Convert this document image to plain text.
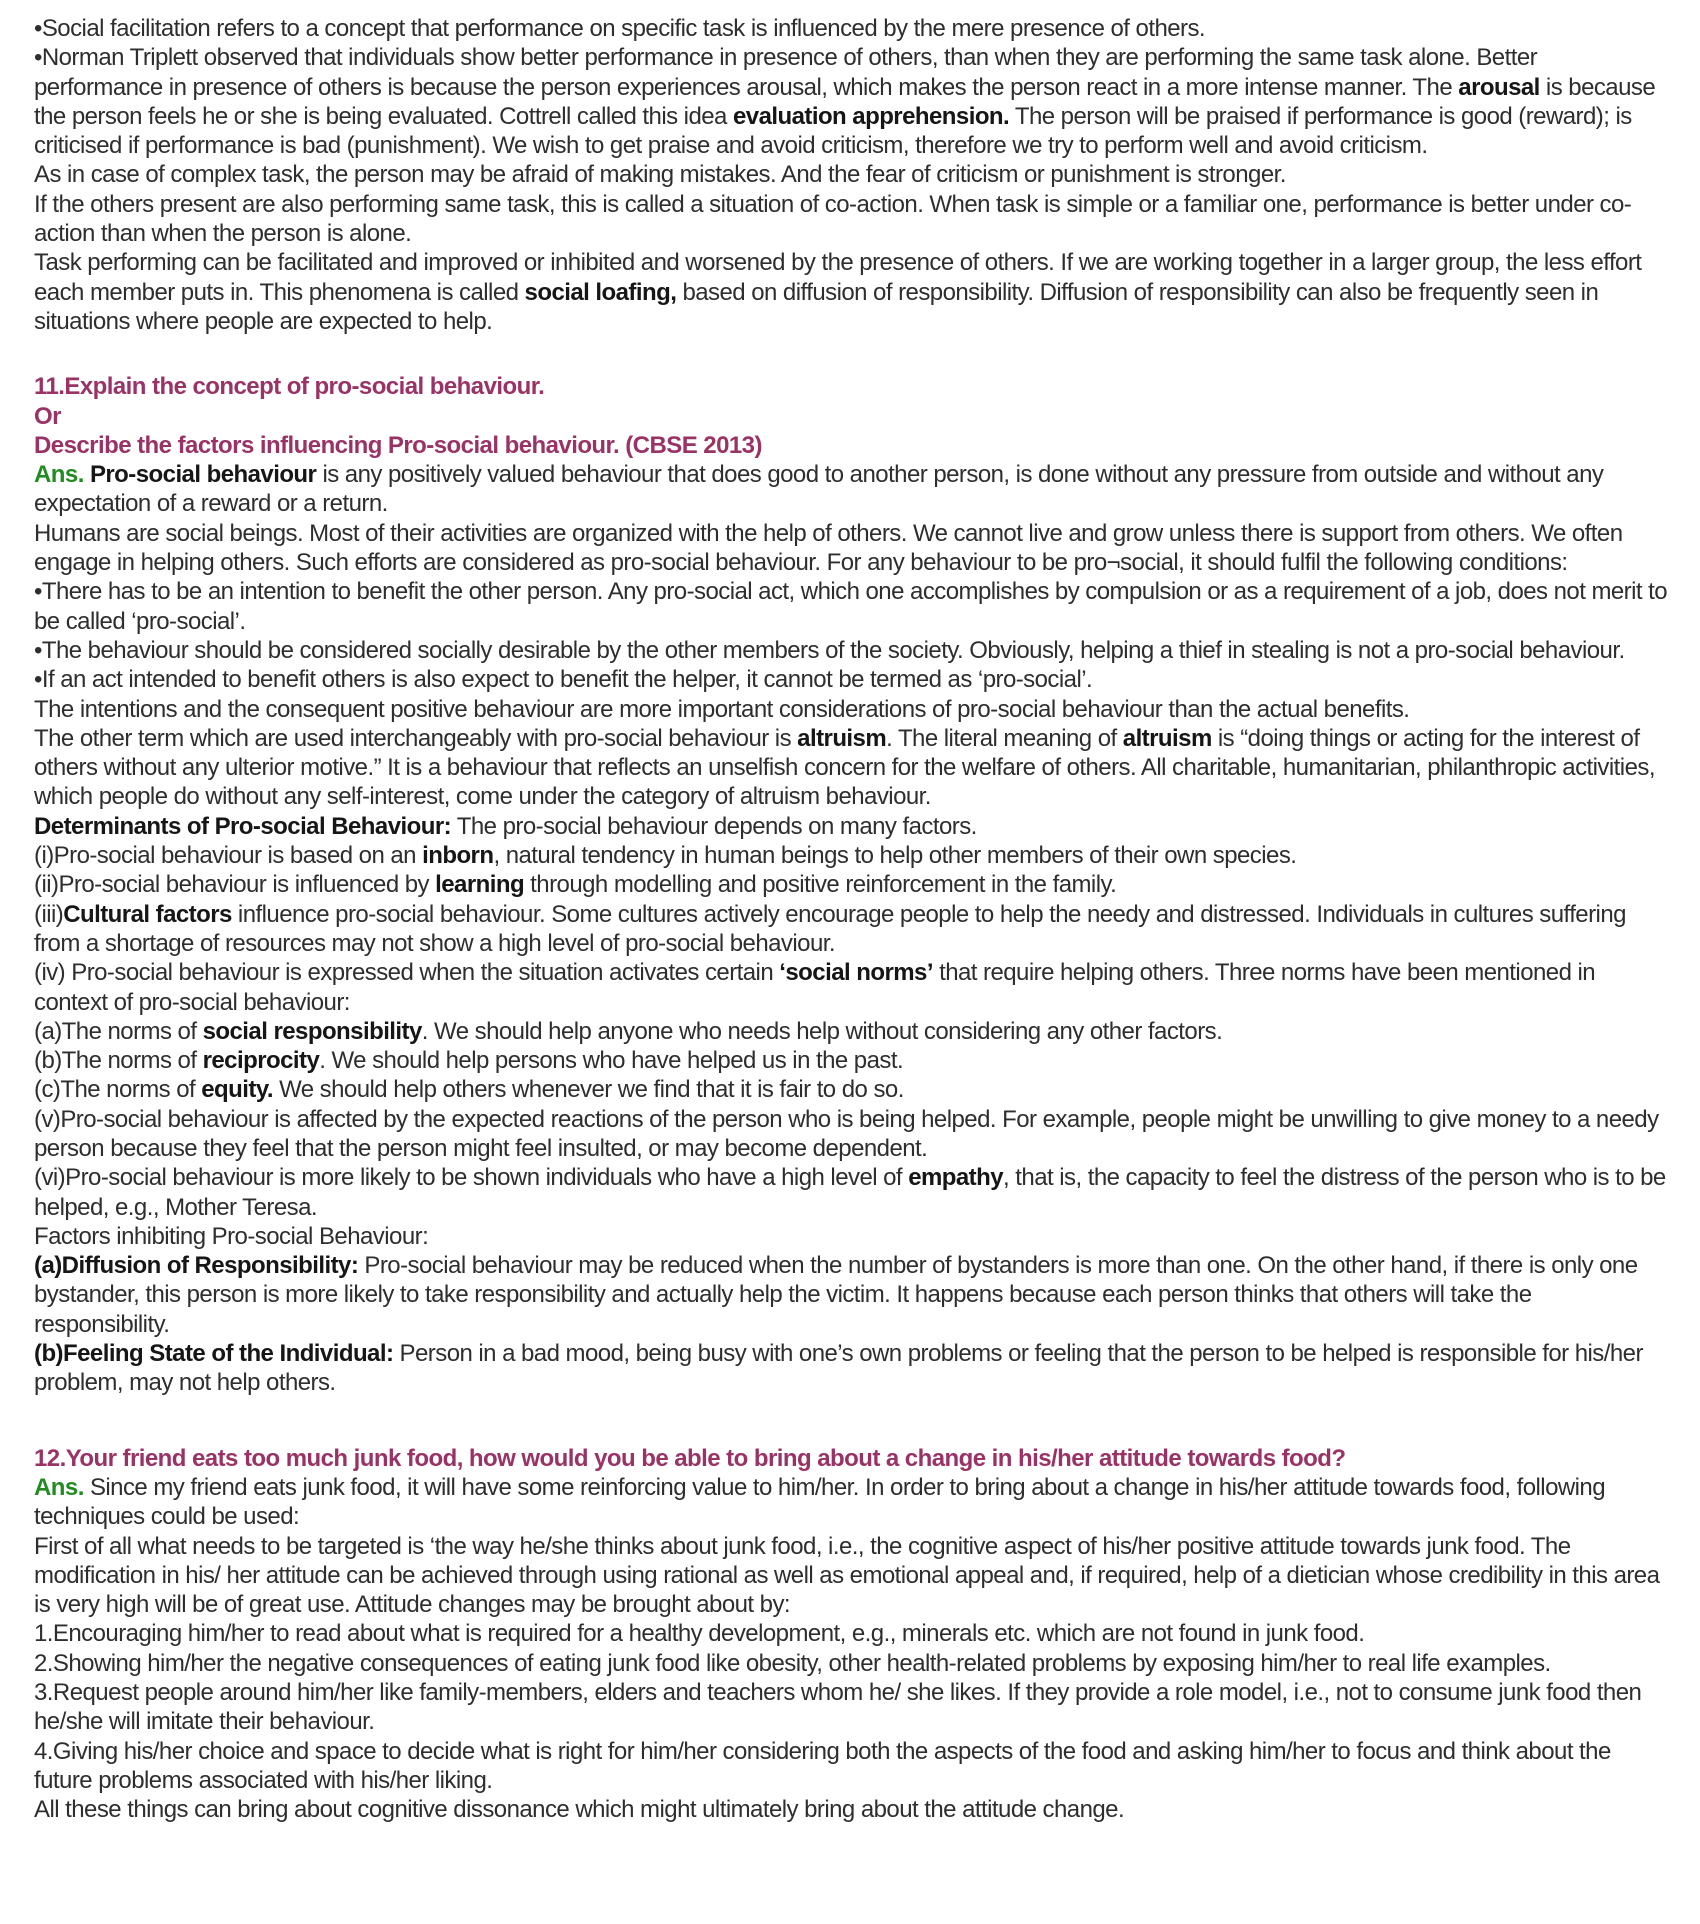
•Social facilitation refers to a concept that performance on specific task is influenced by the mere presence of others.

•Norman Triplett observed that individuals show better performance in presence of others, than when they are performing the same task alone. Better performance in presence of others is because the person experiences arousal, which makes the person react in a more intense manner. The arousal is because the person feels he or she is being evaluated. Cottrell called this idea evaluation apprehension. The person will be praised if performance is good (reward); is criticised if performance is bad (punishment). We wish to get praise and avoid criticism, therefore we try to perform well and avoid criticism.

As in case of complex task, the person may be afraid of making mistakes. And the fear of criticism or punishment is stronger.

If the others present are also performing same task, this is called a situation of co-action. When task is simple or a familiar one, performance is better under co-action than when the person is alone.

Task performing can be facilitated and improved or inhibited and worsened by the presence of others. If we are working together in a larger group, the less effort each member puts in. This phenomena is called social loafing, based on diffusion of responsibility. Diffusion of responsibility can also be frequently seen in situations where people are expected to help.

11.Explain the concept of pro-social behaviour.

Or

Describe the factors influencing Pro-social behaviour. (CBSE 2013)

Ans. Pro-social behaviour is any positively valued behaviour that does good to another person, is done without any pressure from outside and without any expectation of a reward or a return.

Humans are social beings. Most of their activities are organized with the help of others. We cannot live and grow unless there is support from others. We often engage in helping others. Such efforts are considered as pro-social behaviour. For any behaviour to be pro¬social, it should fulfil the following conditions:

•There has to be an intention to benefit the other person. Any pro-social act, which one accomplishes by compulsion or as a requirement of a job, does not merit to be called ‘pro-social’.

•The behaviour should be considered socially desirable by the other members of the society. Obviously, helping a thief in stealing is not a pro-social behaviour.

•If an act intended to benefit others is also expect to benefit the helper, it cannot be termed as ‘pro-social’.

The intentions and the consequent positive behaviour are more important considerations of pro-social behaviour than the actual benefits.

The other term which are used interchangeably with pro-social behaviour is altruism. The literal meaning of altruism is “doing things or acting for the interest of others without any ulterior motive.” It is a behaviour that reflects an unselfish concern for the welfare of others. All charitable, humanitarian, philanthropic activities, which people do without any self-interest, come under the category of altruism behaviour.

Determinants of Pro-social Behaviour: The pro-social behaviour depends on many factors.

(i)Pro-social behaviour is based on an inborn, natural tendency in human beings to help other members of their own species.

(ii)Pro-social behaviour is influenced by learning through modelling and positive reinforcement in the family.

(iii)Cultural factors influence pro-social behaviour. Some cultures actively encourage people to help the needy and distressed. Individuals in cultures suffering from a shortage of resources may not show a high level of pro-social behaviour.

(iv) Pro-social behaviour is expressed when the situation activates certain ‘social norms’ that require helping others. Three norms have been mentioned in context of pro-social behaviour:

(a)The norms of social responsibility. We should help anyone who needs help without considering any other factors.

(b)The norms of reciprocity. We should help persons who have helped us in the past.

(c)The norms of equity. We should help others whenever we find that it is fair to do so.

(v)Pro-social behaviour is affected by the expected reactions of the person who is being helped. For example, people might be unwilling to give money to a needy person because they feel that the person might feel insulted, or may become dependent.

(vi)Pro-social behaviour is more likely to be shown individuals who have a high level of empathy, that is, the capacity to feel the distress of the person who is to be helped, e.g., Mother Teresa.

Factors inhibiting Pro-social Behaviour:

(a)Diffusion of Responsibility: Pro-social behaviour may be reduced when the number of bystanders is more than one. On the other hand, if there is only one bystander, this person is more likely to take responsibility and actually help the victim. It happens because each person thinks that others will take the responsibility.

(b)Feeling State of the Individual: Person in a bad mood, being busy with one’s own problems or feeling that the person to be helped is responsible for his/her problem, may not help others.

12.Your friend eats too much junk food, how would you be able to bring about a change in his/her attitude towards food?

Ans. Since my friend eats junk food, it will have some reinforcing value to him/her. In order to bring about a change in his/her attitude towards food, following techniques could be used:

First of all what needs to be targeted is ‘the way he/she thinks about junk food, i.e., the cognitive aspect of his/her positive attitude towards junk food. The modification in his/ her attitude can be achieved through using rational as well as emotional appeal and, if required, help of a dietician whose credibility in this area is very high will be of great use. Attitude changes may be brought about by:

1.Encouraging him/her to read about what is required for a healthy development, e.g., minerals etc. which are not found in junk food.

2.Showing him/her the negative consequences of eating junk food like obesity, other health-related problems by exposing him/her to real life examples.

3.Request people around him/her like family-members, elders and teachers whom he/ she likes. If they provide a role model, i.e., not to consume junk food then he/she will imitate their behaviour.

4.Giving his/her choice and space to decide what is right for him/her considering both the aspects of the food and asking him/her to focus and think about the future problems associated with his/her liking.

All these things can bring about cognitive dissonance which might ultimately bring about the attitude change.
